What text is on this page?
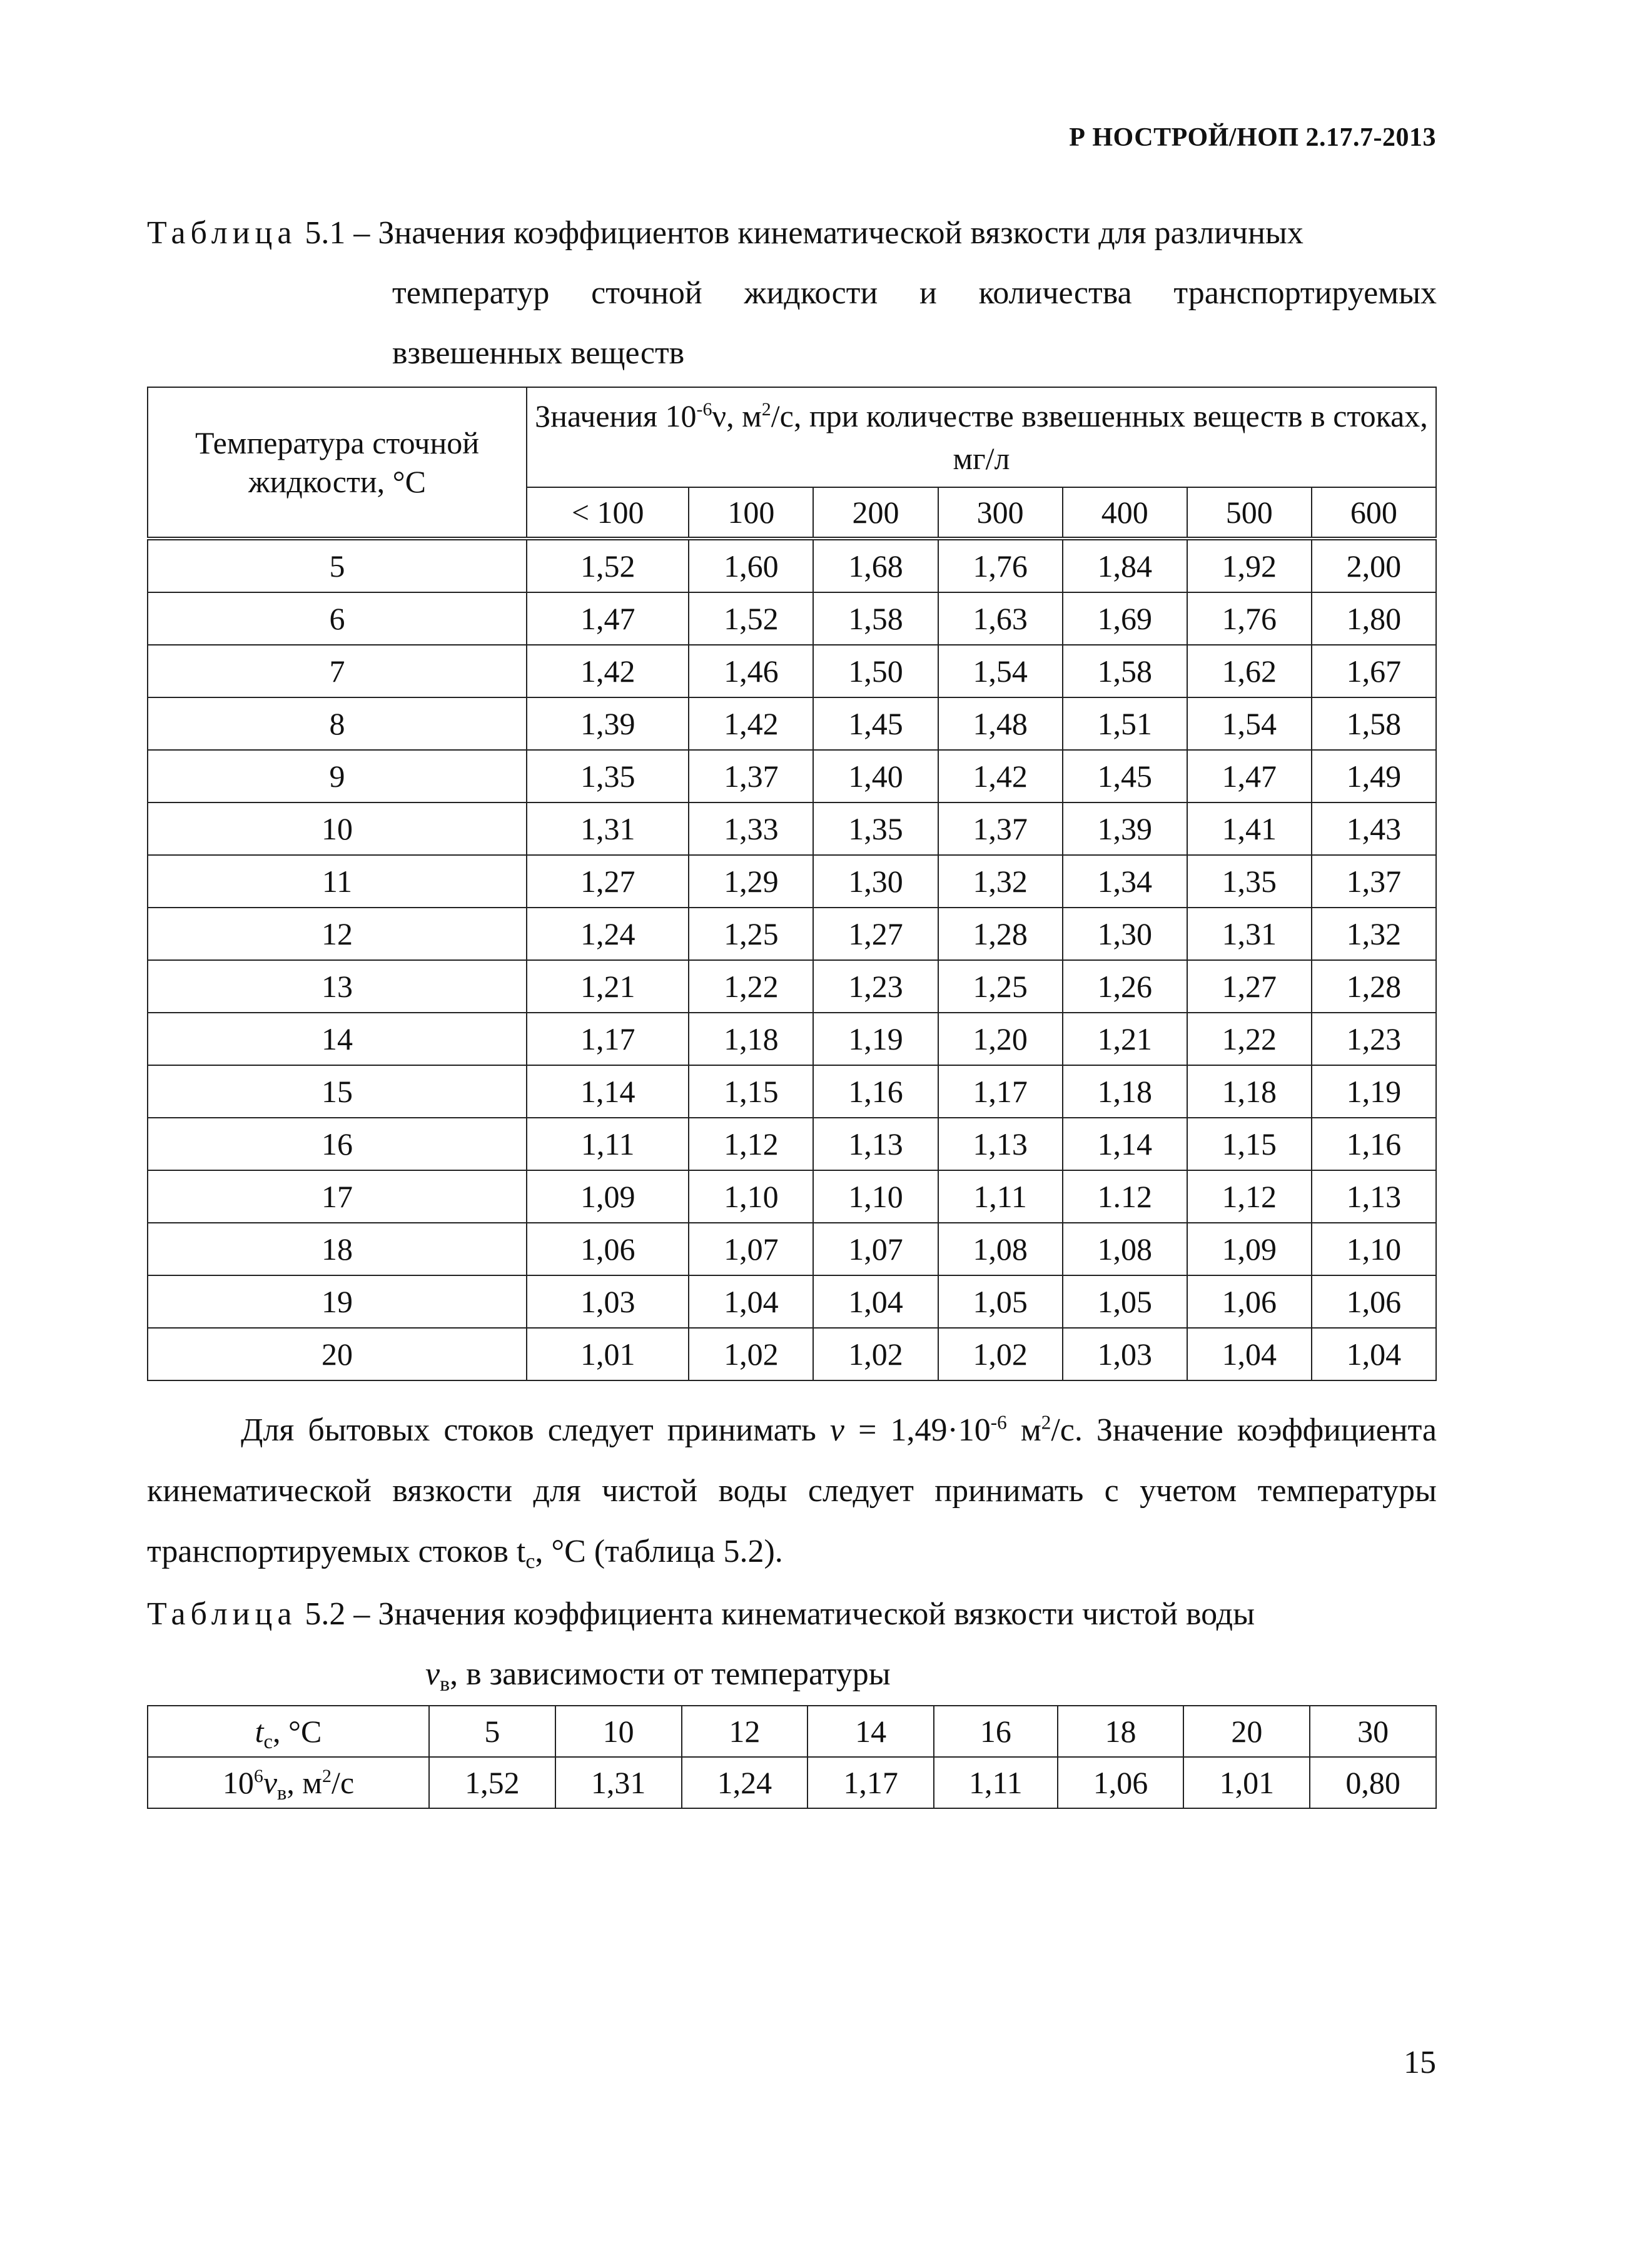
Р НОСТРОЙ/НОП 2.17.7-2013
Таблица 5.1 – Значения коэффициентов кинематической вязкости для различных
температур сточной жидкости и количества транспортируемых взвешенных веществ
Температура сточной жидкости, °С	Значения $10^{-6}\nu$, $м^2/с$, при количестве взвешенных веществ в стоках, мг/л						
	< 100	100	200	300	400	500	600
5	1,52	1,60	1,68	1,76	1,84	1,92	2,00
6	1,47	1,52	1,58	1,63	1,69	1,76	1,80
7	1,42	1,46	1,50	1,54	1,58	1,62	1,67
8	1,39	1,42	1,45	1,48	1,51	1,54	1,58
9	1,35	1,37	1,40	1,42	1,45	1,47	1,49
10	1,31	1,33	1,35	1,37	1,39	1,41	1,43
11	1,27	1,29	1,30	1,32	1,34	1,35	1,37
12	1,24	1,25	1,27	1,28	1,30	1,31	1,32
13	1,21	1,22	1,23	1,25	1,26	1,27	1,28
14	1,17	1,18	1,19	1,20	1,21	1,22	1,23
15	1,14	1,15	1,16	1,17	1,18	1,18	1,19
16	1,11	1,12	1,13	1,13	1,14	1,15	1,16
17	1,09	1,10	1,10	1,11	1.12	1,12	1,13
18	1,06	1,07	1,07	1,08	1,08	1,09	1,10
19	1,03	1,04	1,04	1,05	1,05	1,06	1,06
20	1,01	1,02	1,02	1,02	1,03	1,04	1,04
Для бытовых стоков следует принимать $\nu = 1,49\cdot 10^{-6}$ $м^2/с$. Значение коэффициента кинематической вязкости для чистой воды следует принимать с учетом температуры транспортируемых стоков $t_с$, °С (таблица 5.2).
Таблица 5.2 – Значения коэффициента кинематической вязкости чистой воды
$\nu_в$, в зависимости от температуры
$t_с$, °С	5	10	12	14	16	18	20	30
$10^6\nu_в$, $м^2/с$	1,52	1,31	1,24	1,17	1,11	1,06	1,01	0,80
15
